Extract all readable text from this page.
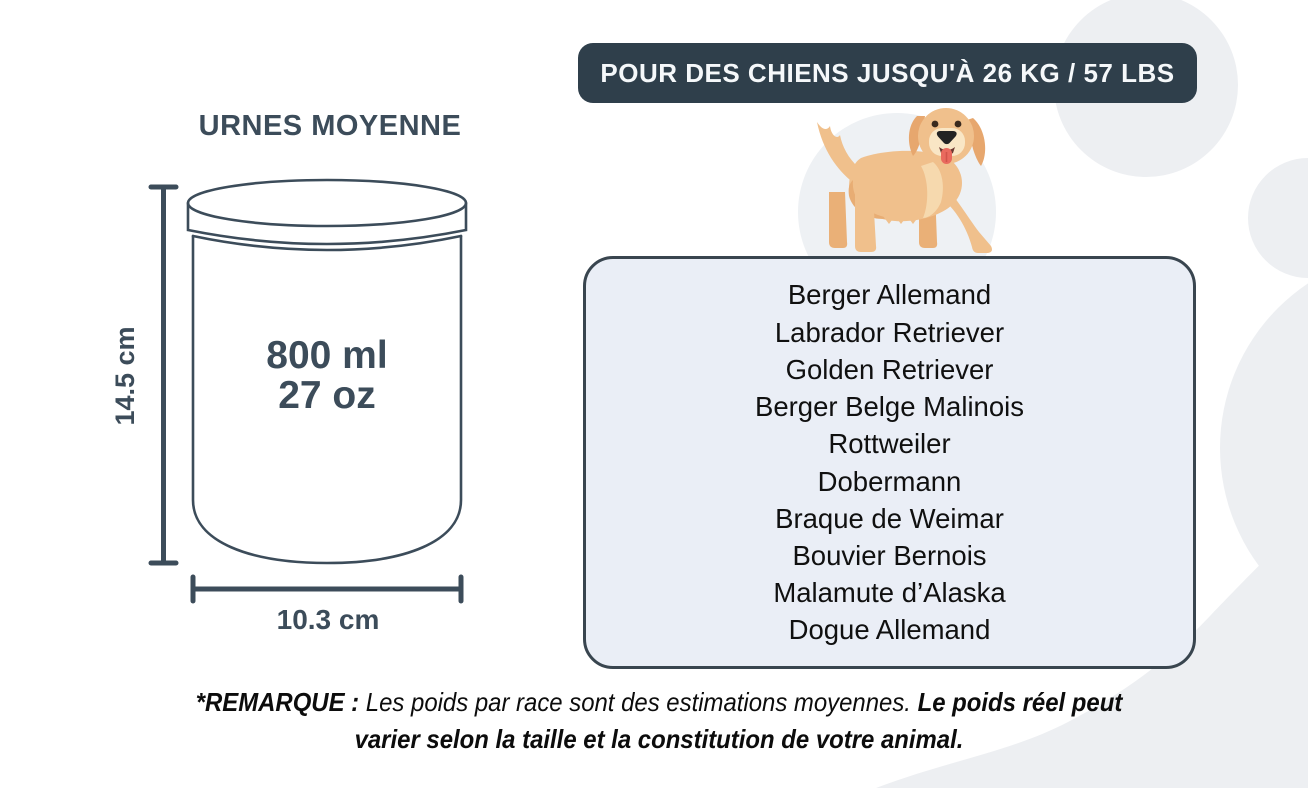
POUR DES CHIENS JUSQU'À 26 KG / 57 LBS
URNES MOYENNE
14.5 cm	800 ml
27 oz
10.3 cm
Berger Allemand
Labrador Retriever
Golden Retriever
Berger Belge Malinois
Rottweiler
Dobermann
Braque de Weimar
Bouvier Bernois
Malamute d’Alaska
Dogue Allemand
*REMARQUE : Les poids par race sont des estimations moyennes. Le poids réel peut varier selon la taille et la constitution de votre animal.
